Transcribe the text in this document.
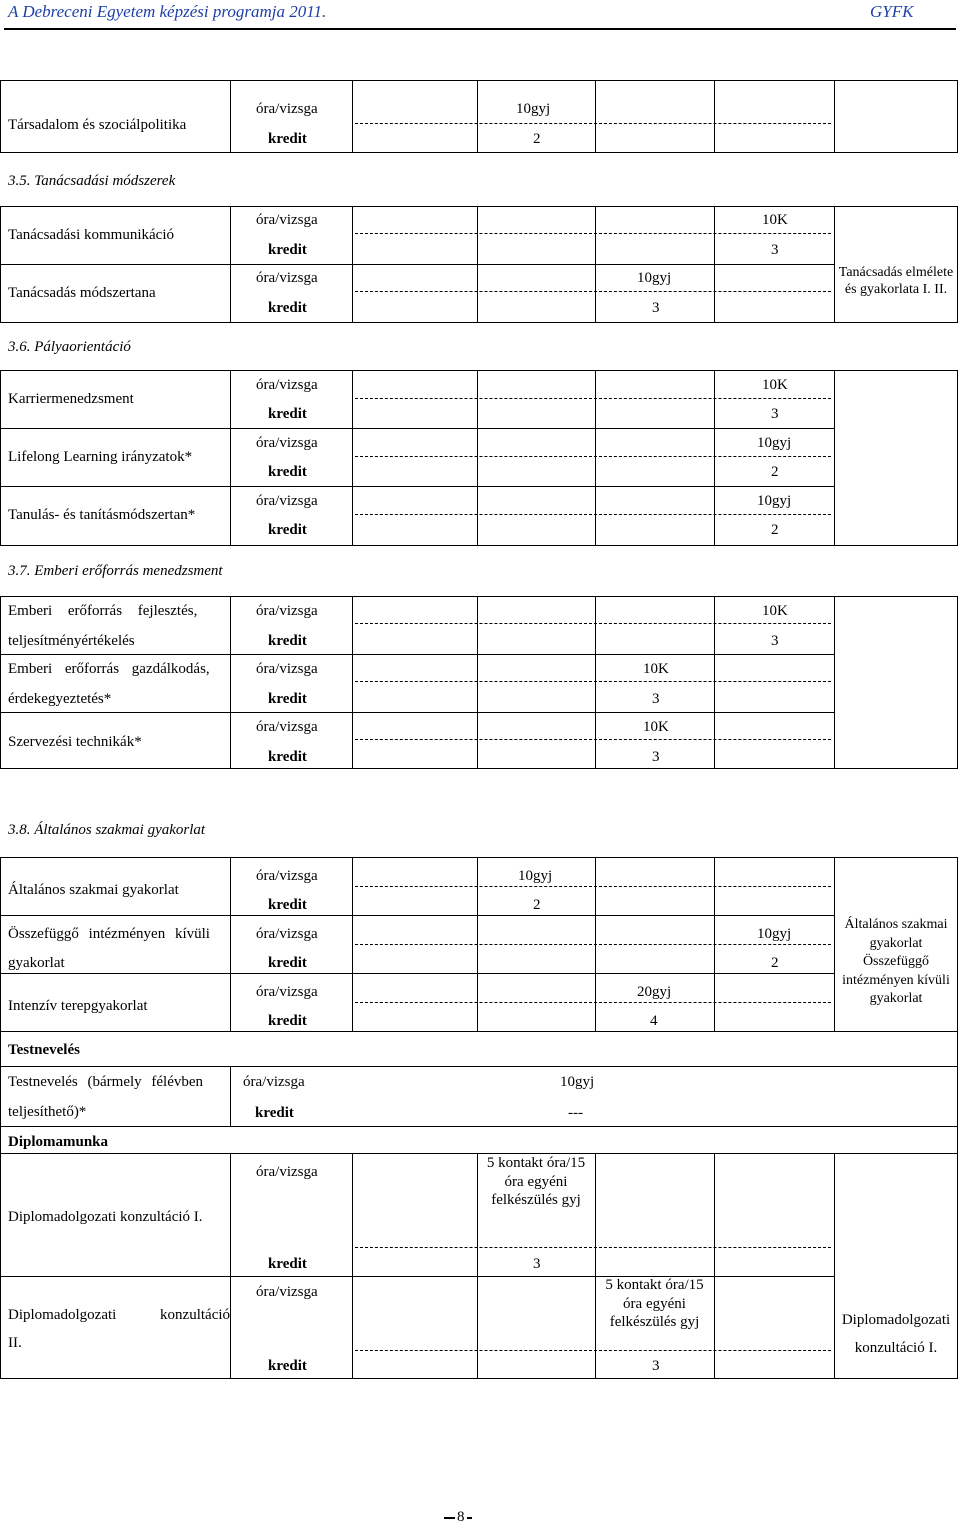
A Debreceni Egyetem képzési programja 2011.	GYFK
Társadalom és szociálpolitika
óra/vizsga
kredit
10gyj
2
3.5. Tanácsadási módszerek
Tanácsadási kommunikáció
óra/vizsga
kredit
10K
3
Tanácsadás módszertana
óra/vizsga
kredit
10gyj
3
Tanácsadás elmélete és gyakorlata I. II.
3.6. Pályaorientáció
Karriermenedzsment
óra/vizsga
kredit
10K
3
Lifelong Learning irányzatok*
óra/vizsga
kredit
10gyj
2
Tanulás- és tanításmódszertan*
óra/vizsga
kredit
10gyj
2
3.7. Emberi erőforrás menedzsment
Emberi erőforrás fejlesztés,
teljesítményértékelés
óra/vizsga
kredit
10K
3
Emberi erőforrás gazdálkodás,
érdekegyeztetés*
óra/vizsga
kredit
10K
3
Szervezési technikák*
óra/vizsga
kredit
10K
3
3.8. Általános szakmai gyakorlat
Általános szakmai gyakorlat
óra/vizsga
kredit
10gyj
2
Összefüggő intézményen kívüli
gyakorlat
óra/vizsga
kredit
10gyj
2
Intenzív terepgyakorlat
óra/vizsga
kredit
20gyj
4
Általános szakmai gyakorlat Összefüggő intézményen kívüli gyakorlat
Testnevelés
Testnevelés (bármely félévben
teljesíthető)*
óra/vizsga
kredit
10gyj
---
Diplomamunka
Diplomadolgozati konzultáció I.
óra/vizsga
kredit
5 kontakt óra/15 óra egyéni felkészülés gyj
3
Diplomadolgozati konzultáció
II.
óra/vizsga
kredit
5 kontakt óra/15 óra egyéni felkészülés gyj
3
Diplomadolgozati konzultáció I.
8
